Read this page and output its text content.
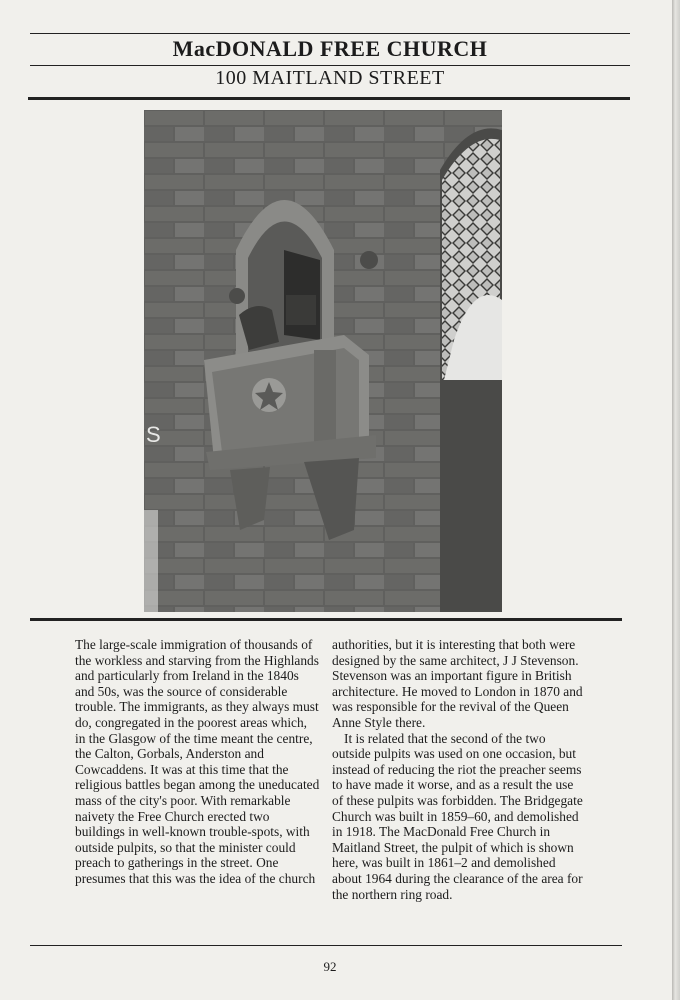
MacDONALD FREE CHURCH
100 MAITLAND STREET
S

The large-scale immigration of thousands of the workless and starving from the Highlands and particularly from Ireland in the 1840s and 50s, was the source of considerable trouble. The immigrants, as they always must do, congregated in the poorest areas which, in the Glasgow of the time meant the centre, the Calton, Gorbals, Anderston and Cowcaddens. It was at this time that the religious battles began among the uneducated mass of the city's poor. With remarkable naivety the Free Church erected two buildings in well-known trouble-spots, with outside pulpits, so that the minister could preach to gatherings in the street. One presumes that this was the idea of the church

authorities, but it is interesting that both were designed by the same architect, J J Stevenson. Stevenson was an important figure in British architecture. He moved to London in 1870 and was responsible for the revival of the Queen Anne Style there.

It is related that the second of the two outside pulpits was used on one occasion, but instead of reducing the riot the preacher seems to have made it worse, and as a result the use of these pulpits was forbidden. The Bridgegate Church was built in 1859–60, and demolished in 1918. The MacDonald Free Church in Maitland Street, the pulpit of which is shown here, was built in 1861–2 and demolished about 1964 during the clearance of the area for the northern ring road.

92
